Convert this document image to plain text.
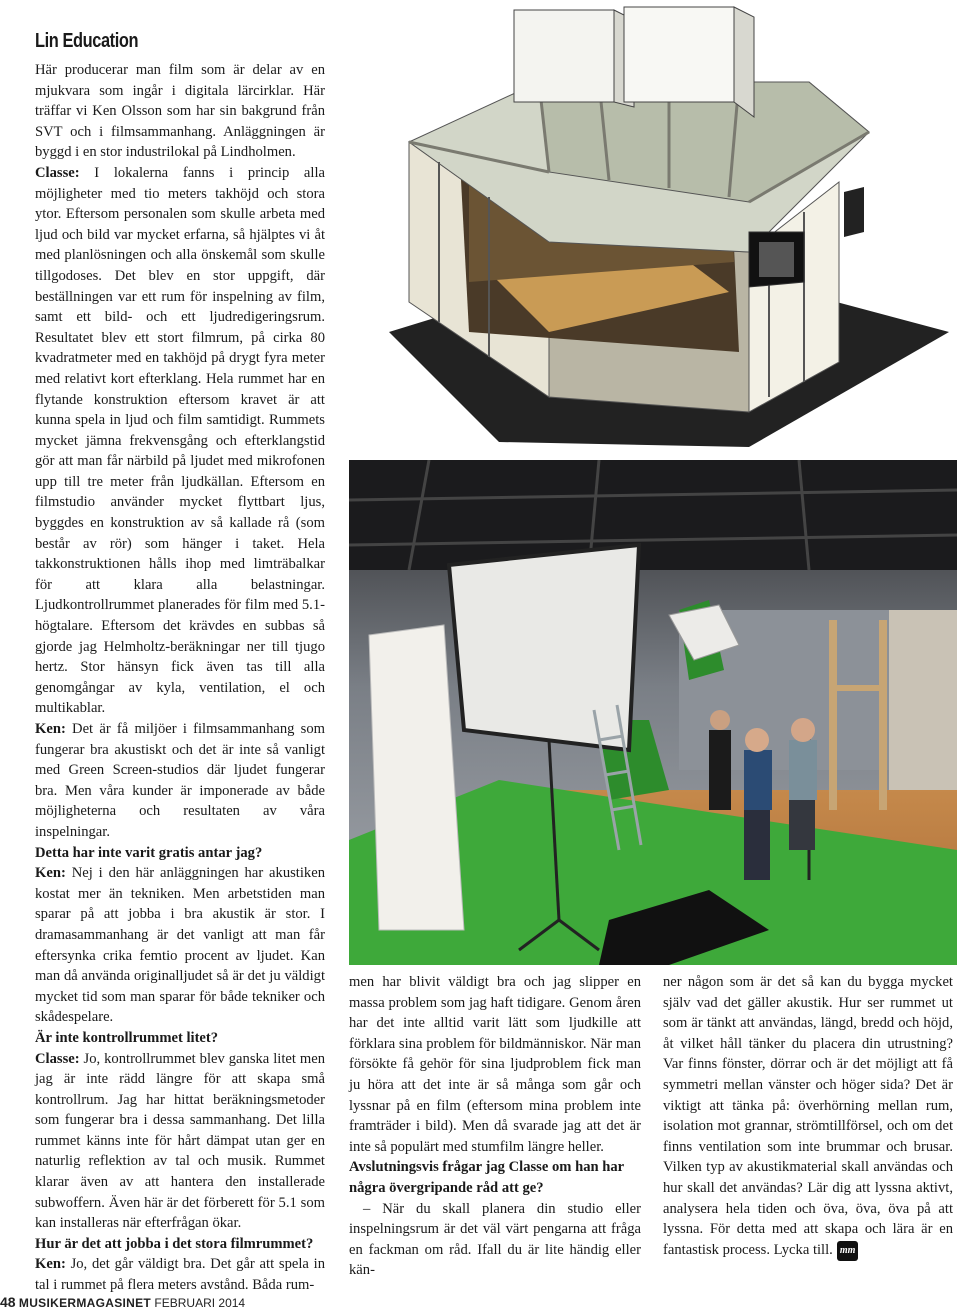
Lin Education

Här producerar man film som är delar av en mjukvara som ingår i digitala lärcirklar. Här träffar vi Ken Olsson som har sin bakgrund från SVT och i filmsammanhang. Anläggningen är byggd i en stor industrilokal på Lindholmen.

Classe: I lokalerna fanns i princip alla möjligheter med tio meters takhöjd och stora ytor. Eftersom personalen som skulle arbeta med ljud och bild var mycket erfarna, så hjälptes vi åt med planlösningen och alla önskemål som skulle tillgodoses. Det blev en stor uppgift, där beställningen var ett rum för inspelning av film, samt ett bild- och ett ljudredigeringsrum. Resultatet blev ett stort filmrum, på cirka 80 kvadratmeter med en takhöjd på drygt fyra meter med relativt kort efterklang. Hela rummet har en flytande konstruktion eftersom kravet är att kunna spela in ljud och film samtidigt. Rummets mycket jämna frekvensgång och efterklangstid gör att man får närbild på ljudet med mikrofonen upp till tre meter från ljudkällan. Eftersom en filmstudio använder mycket flyttbart ljus, byggdes en konstruktion av så kallade rå (som består av rör) som hänger i taket. Hela takkonstruktionen hålls ihop med limträbalkar för att klara alla belastningar. Ljudkontrollrummet planerades för film med 5.1-högtalare. Eftersom det krävdes en subbas så gjorde jag Helmholtz-beräkningar ner till tjugo hertz. Stor hänsyn fick även tas till alla genomgångar av kyla, ventilation, el och multikablar.

Ken: Det är få miljöer i filmsammanhang som fungerar bra akustiskt och det är inte så vanligt med Green Screen-studios där ljudet fungerar bra. Men våra kunder är imponerade av både möjligheterna och resultaten av våra inspelningar.

Detta har inte varit gratis antar jag?

Ken: Nej i den här anläggningen har akustiken kostat mer än tekniken. Men arbetstiden man sparar på att jobba i bra akustik är stor. I dramasammanhang är det vanligt att man får eftersynka crika femtio procent av ljudet. Kan man då använda originalljudet så är det ju väldigt mycket tid som man sparar för både tekniker och skådespelare.

Är inte kontrollrummet litet?

Classe: Jo, kontrollrummet blev ganska litet men jag är inte rädd längre för att skapa små kontrollrum. Jag har hittat beräkningsmetoder som fungerar bra i dessa sammanhang. Det lilla rummet känns inte för hårt dämpat utan ger en naturlig reflektion av tal och musik. Rummet klarar även av att hantera den installerade subwoffern. Även här är det förberett för 5.1 som kan installeras när efterfrågan ökar.

Hur är det att jobba i det stora filmrummet?

Ken: Jo, det går väldigt bra. Det går att spela in tal i rummet på flera meters avstånd. Båda rum-

men har blivit väldigt bra och jag slipper en massa problem som jag haft tidigare. Genom åren har det inte alltid varit lätt som ljudkille att förklara sina problem för bildmänniskor. När man försökte få gehör för sina ljudproblem fick man ju höra att det inte är så många som går och lyssnar på en film (eftersom mina problem inte framträder i bild). Men då svarade jag att det är inte så populärt med stumfilm längre heller.

Avslutningsvis frågar jag Classe om han har några övergripande råd att ge?

– När du skall planera din studio eller inspelningsrum är det väl värt pengarna att fråga en fackman om råd. Ifall du är lite händig eller kän-

ner någon som är det så kan du bygga mycket själv vad det gäller akustik. Hur ser rummet ut som är tänkt att användas, längd, bredd och höjd, åt vilket håll tänker du placera din utrustning? Var finns fönster, dörrar och är det möjligt att få symmetri mellan vänster och höger sida? Det är viktigt att tänka på: överhörning mellan rum, isolation mot grannar, strömtillförsel, och om det finns ventilation som inte brummar och brusar. Vilken typ av akustikmaterial skall användas och hur skall det användas? Lär dig att lyssna aktivt, analysera hela tiden och öva, öva, öva på att lyssna. För detta med att skapa och lära är en fantastisk process. Lycka till. mm

48 MUSIKERMAGASINET FEBRUARI 2014
